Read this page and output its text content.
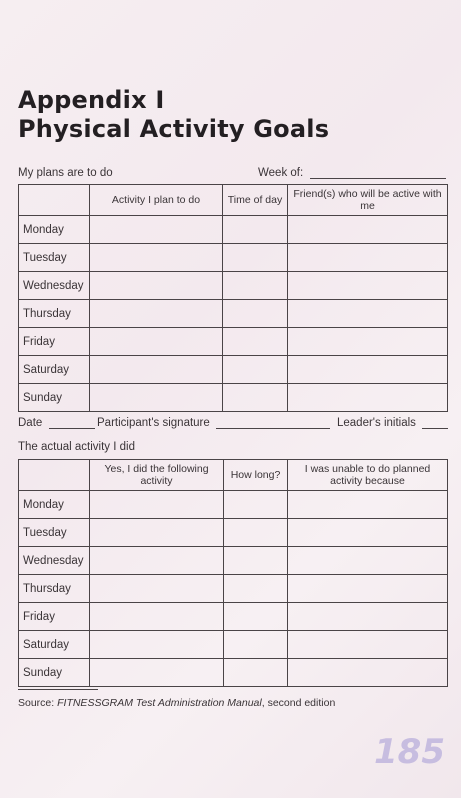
Appendix I
Physical Activity Goals
My plans are to do	Week of:
	Activity I plan to do	Time of day	Friend(s) who will be active with me
Monday			
Tuesday			
Wednesday			
Thursday			
Friday			
Saturday			
Sunday			
Date	Participant's signature	Leader's initials
The actual activity I did
	Yes, I did the following activity	How long?	I was unable to do planned activity because
Monday			
Tuesday			
Wednesday			
Thursday			
Friday			
Saturday			
Sunday			
Source: FITNESSGRAM Test Administration Manual, second edition
185
